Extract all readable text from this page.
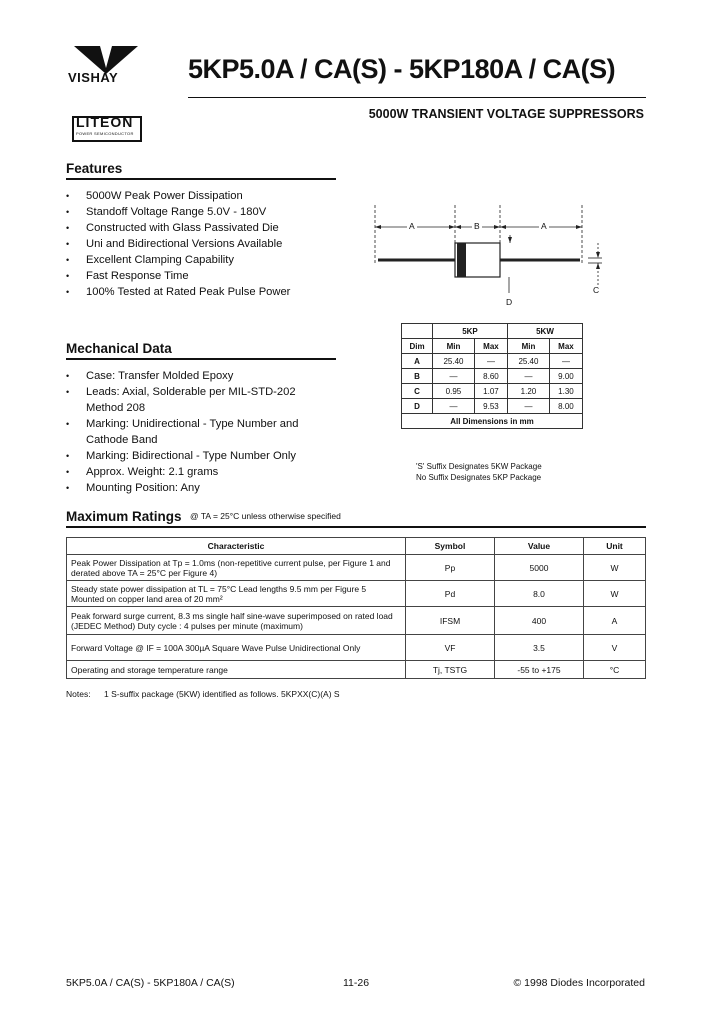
VISHAY
LITEON
POWER SEMICONDUCTOR
5KP5.0A / CA(S) - 5KP180A / CA(S)
5000W TRANSIENT VOLTAGE SUPPRESSORS
Features
• 5000W Peak Power Dissipation
• Standoff Voltage Range 5.0V - 180V
• Constructed with Glass Passivated Die
• Uni and Bidirectional Versions Available
• Excellent Clamping Capability
• Fast Response Time
• 100% Tested at Rated Peak Pulse Power
A	B	A
C
D
	5KP		5KW	
Dim	Min	Max	Min	Max
A	25.40	—	25.40	—
B	—	8.60	—	9.00
C	0.95	1.07	1.20	1.30
D	—	9.53	—	8.00
All Dimensions in mm				
'S' Suffix Designates 5KW Package
No Suffix Designates 5KP Package
Mechanical Data
• Case: Transfer Molded Epoxy
• Leads: Axial, Solderable per MIL-STD-202 Method 208
• Marking: Unidirectional - Type Number and Cathode Band
• Marking: Bidirectional - Type Number Only
• Approx. Weight: 2.1 grams
• Mounting Position: Any
Maximum Ratings @ TA = 25°C unless otherwise specified
Characteristic	Symbol	Value	Unit
Peak Power Dissipation at Tp = 1.0ms (non-repetitive current pulse, per Figure 1 and derated above TA = 25°C per Figure 4)	Pp	5000	W
Steady state power dissipation at TL = 75°C Lead lengths 9.5 mm per Figure 5 Mounted on copper land area of 20 mm²	Pd	8.0	W
Peak forward surge current, 8.3 ms single half sine-wave superimposed on rated load (JEDEC Method) Duty cycle : 4 pulses per minute (maximum)	IFSM	400	A
Forward Voltage @ IF = 100A 300µA Square Wave Pulse Unidirectional Only	VF	3.5	V
Operating and storage temperature range	Tj, TSTG	-55 to +175	°C
Notes: 1 S-suffix package (5KW) identified as follows. 5KPXX(C)(A) S
5KP5.0A / CA(S) - 5KP180A / CA(S)	11-26	© 1998 Diodes Incorporated
